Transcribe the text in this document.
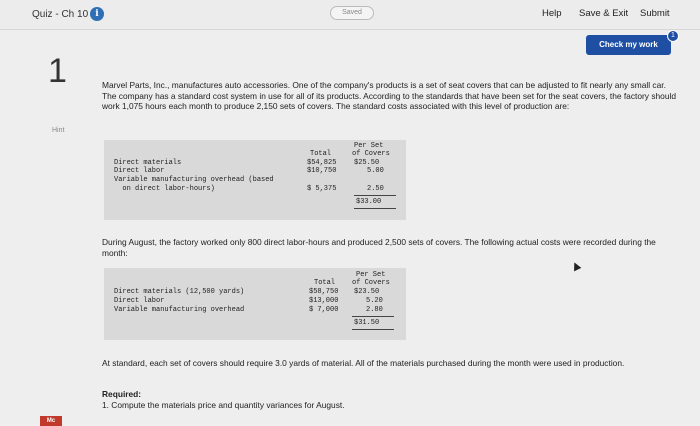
Quiz - Ch 10 i	Saved	Help Save & Exit Submit
1
Hint
Mc
Check my work
1

Marvel Parts, Inc., manufactures auto accessories. One of the company's products is a set of seat covers that can be adjusted to fit nearly any small car. The company has a standard cost system in use for all of its products. According to the standards that have been set for the seat covers, the factory should work 1,075 hours each month to produce 2,150 sets of covers. The standard costs associated with this level of production are:

Per Set
Total	of Covers
Direct materials	$54,825	$25.50
Direct labor	$10,750	5.00
Variable manufacturing overhead (based
on direct labor-hours)	$ 5,375	2.50
$33.00

During August, the factory worked only 800 direct labor-hours and produced 2,500 sets of covers. The following actual costs were recorded during the month:

Per Set
Total of Covers
Direct materials (12,500 yards)	$58,750 $23.50
Direct labor	$13,000	5.20
Variable manufacturing overhead	$ 7,000	2.80
$31.50

At standard, each set of covers should require 3.0 yards of material. All of the materials purchased during the month were used in production.

Required:
1. Compute the materials price and quantity variances for August.
